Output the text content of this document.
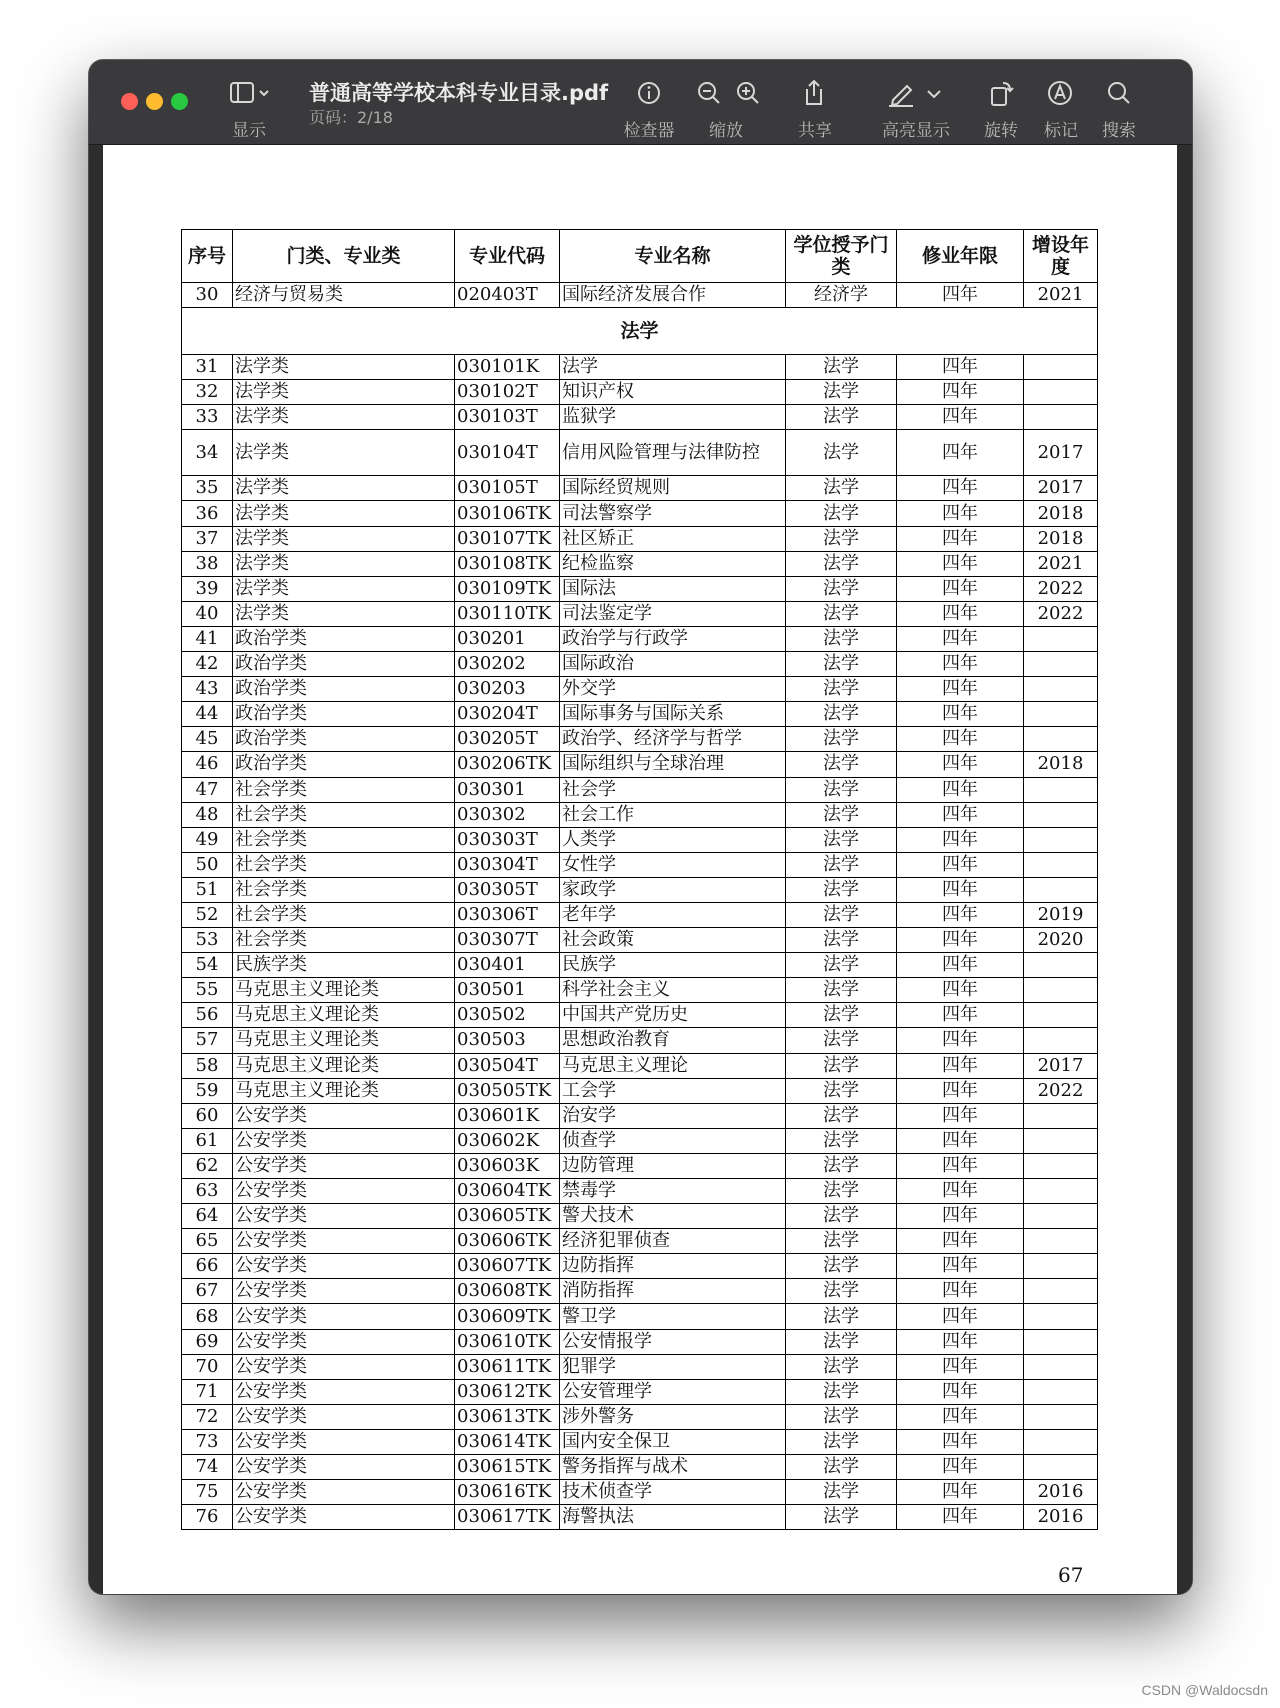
显示
普通高等学校本科专业目录.pdf
页码：2/18
检查器	缩放	共享	高亮显示	旋转	标记	搜索
序号	门类、专业类	专业代码	专业名称	学位授予门类	修业年限	增设年度
30	经济与贸易类	020403T	国际经济发展合作	经济学	四年	2021
法学						
31	法学类	030101K	法学	法学	四年	
32	法学类	030102T	知识产权	法学	四年	
33	法学类	030103T	监狱学	法学	四年	
34	法学类	030104T	信用风险管理与法律防控	法学	四年	2017
35	法学类	030105T	国际经贸规则	法学	四年	2017
36	法学类	030106TK	司法警察学	法学	四年	2018
37	法学类	030107TK	社区矫正	法学	四年	2018
38	法学类	030108TK	纪检监察	法学	四年	2021
39	法学类	030109TK	国际法	法学	四年	2022
40	法学类	030110TK	司法鉴定学	法学	四年	2022
41	政治学类	030201	政治学与行政学	法学	四年	
42	政治学类	030202	国际政治	法学	四年	
43	政治学类	030203	外交学	法学	四年	
44	政治学类	030204T	国际事务与国际关系	法学	四年	
45	政治学类	030205T	政治学、经济学与哲学	法学	四年	
46	政治学类	030206TK	国际组织与全球治理	法学	四年	2018
47	社会学类	030301	社会学	法学	四年	
48	社会学类	030302	社会工作	法学	四年	
49	社会学类	030303T	人类学	法学	四年	
50	社会学类	030304T	女性学	法学	四年	
51	社会学类	030305T	家政学	法学	四年	
52	社会学类	030306T	老年学	法学	四年	2019
53	社会学类	030307T	社会政策	法学	四年	2020
54	民族学类	030401	民族学	法学	四年	
55	马克思主义理论类	030501	科学社会主义	法学	四年	
56	马克思主义理论类	030502	中国共产党历史	法学	四年	
57	马克思主义理论类	030503	思想政治教育	法学	四年	
58	马克思主义理论类	030504T	马克思主义理论	法学	四年	2017
59	马克思主义理论类	030505TK	工会学	法学	四年	2022
60	公安学类	030601K	治安学	法学	四年	
61	公安学类	030602K	侦查学	法学	四年	
62	公安学类	030603K	边防管理	法学	四年	
63	公安学类	030604TK	禁毒学	法学	四年	
64	公安学类	030605TK	警犬技术	法学	四年	
65	公安学类	030606TK	经济犯罪侦查	法学	四年	
66	公安学类	030607TK	边防指挥	法学	四年	
67	公安学类	030608TK	消防指挥	法学	四年	
68	公安学类	030609TK	警卫学	法学	四年	
69	公安学类	030610TK	公安情报学	法学	四年	
70	公安学类	030611TK	犯罪学	法学	四年	
71	公安学类	030612TK	公安管理学	法学	四年	
72	公安学类	030613TK	涉外警务	法学	四年	
73	公安学类	030614TK	国内安全保卫	法学	四年	
74	公安学类	030615TK	警务指挥与战术	法学	四年	
75	公安学类	030616TK	技术侦查学	法学	四年	2016
76	公安学类	030617TK	海警执法	法学	四年	2016
67
CSDN @Waldocsdn
